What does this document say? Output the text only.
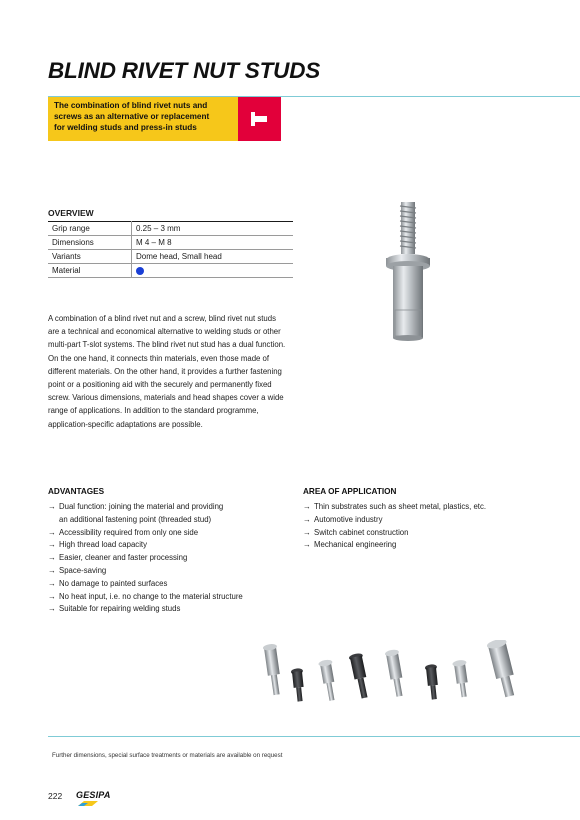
BLIND RIVET NUT STUDS
The combination of blind rivet nuts and
screws as an alternative or replacement
for welding studs and press-in studs
OVERVIEW
Grip range	0.25 – 3 mm
Dimensions	M 4 – M 8
Variants	Dome head, Small head
Material	
A combination of a blind rivet nut and a screw, blind rivet nut studs are a technical and economical alternative to welding studs or other multi-part T-slot systems. The blind rivet nut stud has a dual function. On the one hand, it connects thin materials, even those made of different materials. On the other hand, it provides a further fastening point or a positioning aid with the securely and permanently fixed screw. Various dimensions, materials and head shapes cover a wide range of applications. In addition to the standard programme, application-specific adaptations are possible.
ADVANTAGES
→ Dual function: joining the material and providing
an additional fastening point (threaded stud)
→ Accessibility required from only one side
→ High thread load capacity
→ Easier, cleaner and faster processing
→ Space-saving
→ No damage to painted surfaces
→ No heat input, i.e. no change to the material structure
→ Suitable for repairing welding studs
AREA OF APPLICATION
→ Thin substrates such as sheet metal, plastics, etc.
→ Automotive industry
→ Switch cabinet construction
→ Mechanical engineering
Further dimensions, special surface treatments or materials are available on request
222 GESIPA
